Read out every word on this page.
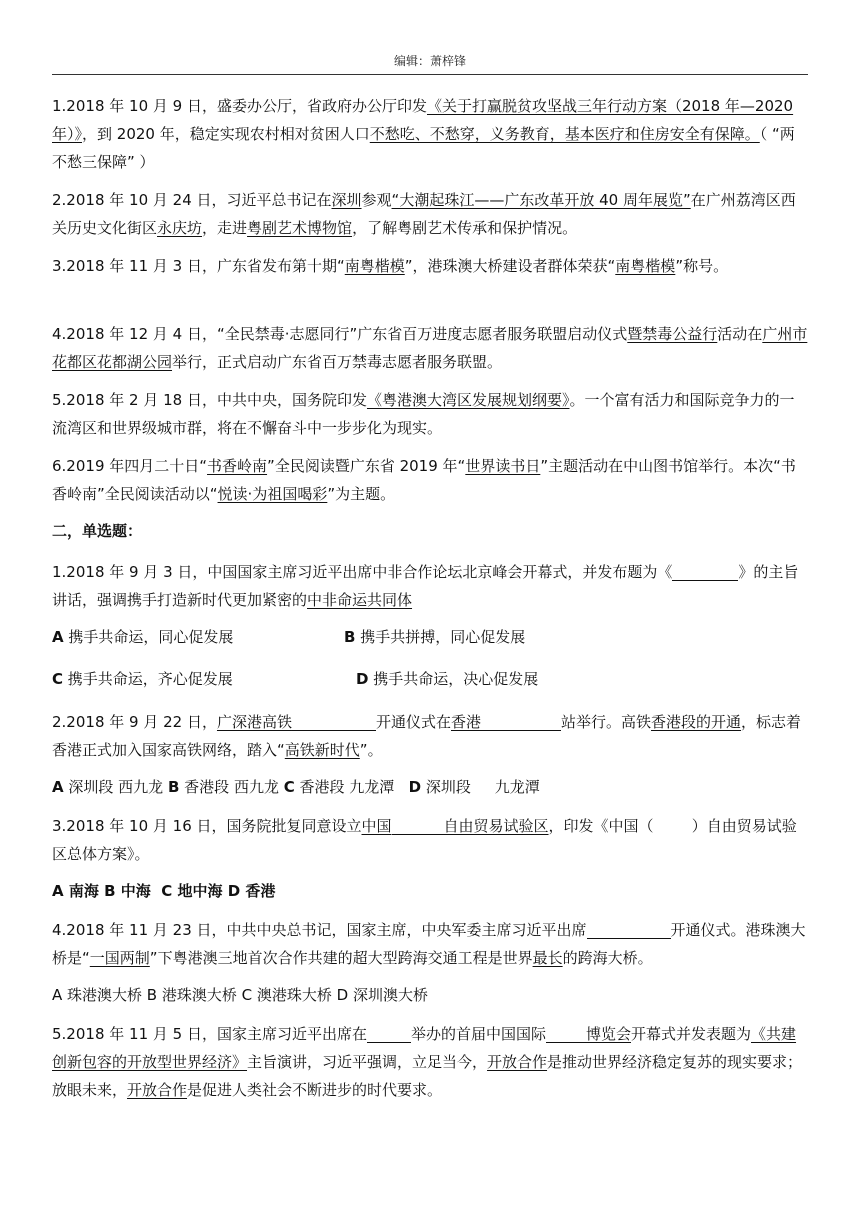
编辑：萧梓锋

1.2018 年 10 月 9 日，盛委办公厅，省政府办公厅印发《关于打赢脱贫攻坚战三年行动方案（2018 年—2020 年）》，到 2020 年，稳定实现农村相对贫困人口不愁吃、不愁穿，义务教育，基本医疗和住房安全有保障。（ “两不愁三保障” ）

2.2018 年 10 月 24 日，习近平总书记在深圳参观“大潮起珠江——广东改革开放 40 周年展览”在广州荔湾区西关历史文化街区永庆坊，走进粤剧艺术博物馆，了解粤剧艺术传承和保护情况。

3.2018 年 11 月 3 日，广东省发布第十期“南粤楷模”，港珠澳大桥建设者群体荣获“南粤楷模”称号。

4.2018 年 12 月 4 日，“全民禁毒·志愿同行”广东省百万进度志愿者服务联盟启动仪式暨禁毒公益行活动在广州市花都区花都湖公园举行，正式启动广东省百万禁毒志愿者服务联盟。

5.2018 年 2 月 18 日，中共中央，国务院印发《粤港澳大湾区发展规划纲要》。一个富有活力和国际竞争力的一流湾区和世界级城市群，将在不懈奋斗中一步步化为现实。

6.2019 年四月二十日“书香岭南”全民阅读暨广东省 2019 年“世界读书日”主题活动在中山图书馆举行。本次“书香岭南”全民阅读活动以“悦读·为祖国喝彩”为主题。

二，单选题：

1.2018 年 9 月 3 日，中国国家主席习近平出席中非合作论坛北京峰会开幕式，并发布题为《	》的主旨讲话，强调携手打造新时代更加紧密的中非命运共同体

A 携手共命运，同心促发展	B 携手共拼搏，同心促发展
C 携手共命运，齐心促发展	D 携手共命运，决心促发展

2.2018 年 9 月 22 日，广深港高铁	开通仪式在香港	站举行。高铁香港段的开通，标志着香港正式加入国家高铁网络，踏入“高铁新时代”。

A 深圳段 西九龙 B 香港段 西九龙 C 香港段 九龙潭 D 深圳段     九龙潭

3.2018 年 10 月 16 日，国务院批复同意设立中国	自由贸易试验区，印发《中国（        ）自由贸易试验区总体方案》。

A 南海 B 中海 C 地中海 D 香港

4.2018 年 11 月 23 日，中共中央总书记，国家主席，中央军委主席习近平出席	开通仪式。港珠澳大桥是“一国两制”下粤港澳三地首次合作共建的超大型跨海交通工程是世界最长的跨海大桥。

A 珠港澳大桥 B 港珠澳大桥 C 澳港珠大桥 D 深圳澳大桥

5.2018 年 11 月 5 日，国家主席习近平出席在	举办的首届中国国际	博览会开幕式并发表题为《共建创新包容的开放型世界经济》主旨演讲，习近平强调，立足当今，开放合作是推动世界经济稳定复苏的现实要求；放眼未来，开放合作是促进人类社会不断进步的时代要求。
